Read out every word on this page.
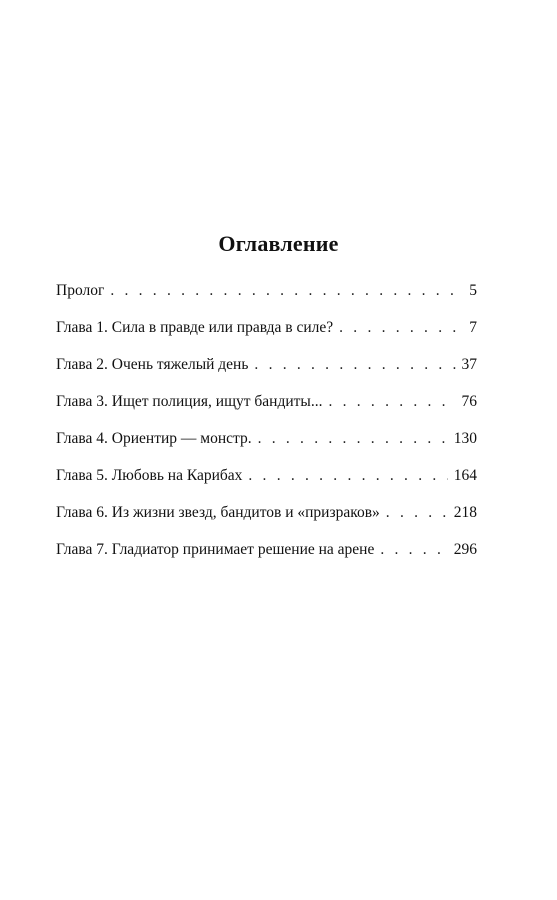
Оглавление
Пролог . . .	5
Глава 1. Сила в правде или правда в силе? . . .	7
Глава 2. Очень тяжелый день . . .	37
Глава 3. Ищет полиция, ищут бандиты... . . .	76
Глава 4. Ориентир — монстр. . . .	130
Глава 5. Любовь на Карибах . . .	164
Глава 6. Из жизни звезд, бандитов и «призраков» . . .	218
Глава 7. Гладиатор принимает решение на арене . . .	296
